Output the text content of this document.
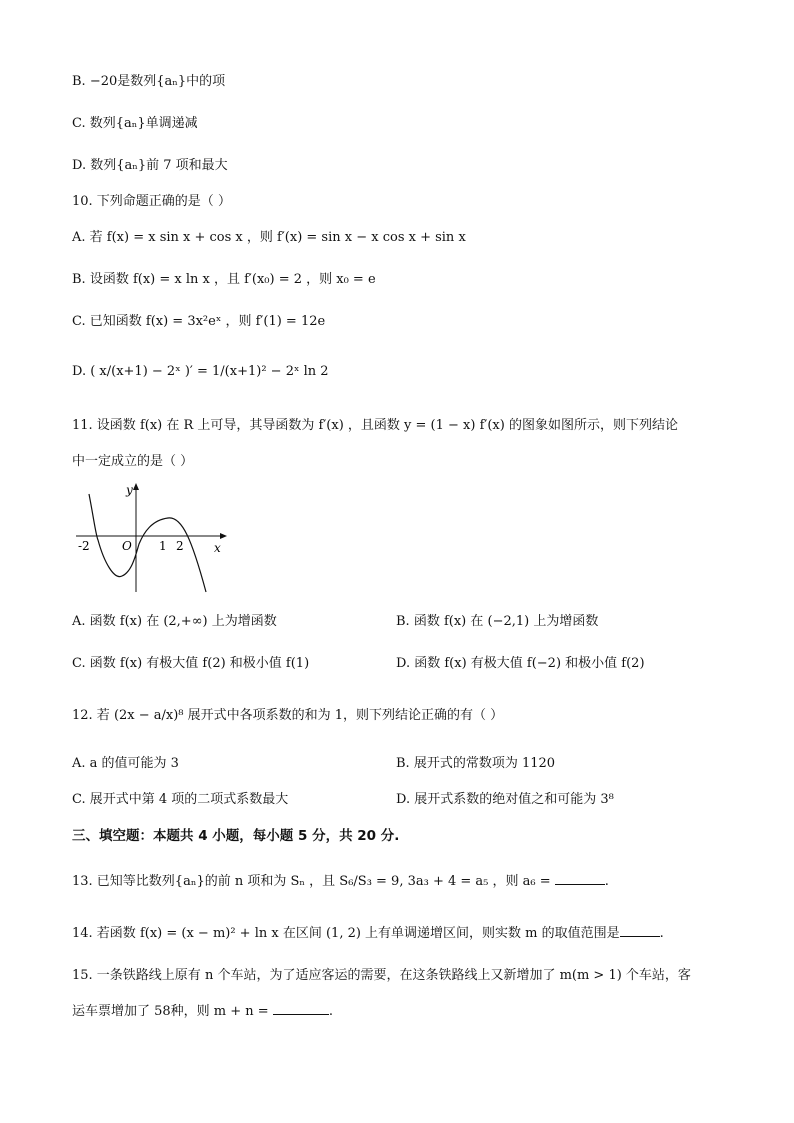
B. −20是数列{aₙ}中的项
C. 数列{aₙ}单调递减
D. 数列{aₙ}前 7 项和最大
10. 下列命题正确的是（ ）
A. 若 f(x) = x sin x + cos x ，则 f′(x) = sin x − x cos x + sin x
B. 设函数 f(x) = x ln x ，且 f′(x₀) = 2 ，则 x₀ = e
C. 已知函数 f(x) = 3x²eˣ ，则 f′(1) = 12e
D. ( x/(x+1) − 2ˣ )′ = 1/(x+1)² − 2ˣ ln 2
11. 设函数 f(x) 在 R 上可导，其导函数为 f′(x) ，且函数 y = (1 − x) f′(x) 的图象如图所示，则下列结论
中一定成立的是（ ）
y
x
O
-2	1 2
A. 函数 f(x) 在 (2,+∞) 上为增函数	B. 函数 f(x) 在 (−2,1) 上为增函数
C. 函数 f(x) 有极大值 f(2) 和极小值 f(1)	D. 函数 f(x) 有极大值 f(−2) 和极小值 f(2)
12. 若 (2x − a/x)⁸ 展开式中各项系数的和为 1，则下列结论正确的有（ ）
A. a 的值可能为 3	B. 展开式的常数项为 1120
C. 展开式中第 4 项的二项式系数最大	D. 展开式系数的绝对值之和可能为 3⁸
三、填空题：本题共 4 小题，每小题 5 分，共 20 分.
13. 已知等比数列{aₙ}的前 n 项和为 Sₙ ，且 S₆/S₃ = 9, 3a₃ + 4 = a₅ ，则 a₆ =	.
14. 若函数 f(x) = (x − m)² + ln x 在区间 (1, 2) 上有单调递增区间，则实数 m 的取值范围是	.
15. 一条铁路线上原有 n 个车站，为了适应客运的需要，在这条铁路线上又新增加了 m(m > 1) 个车站，客
运车票增加了 58种，则 m + n =	.
